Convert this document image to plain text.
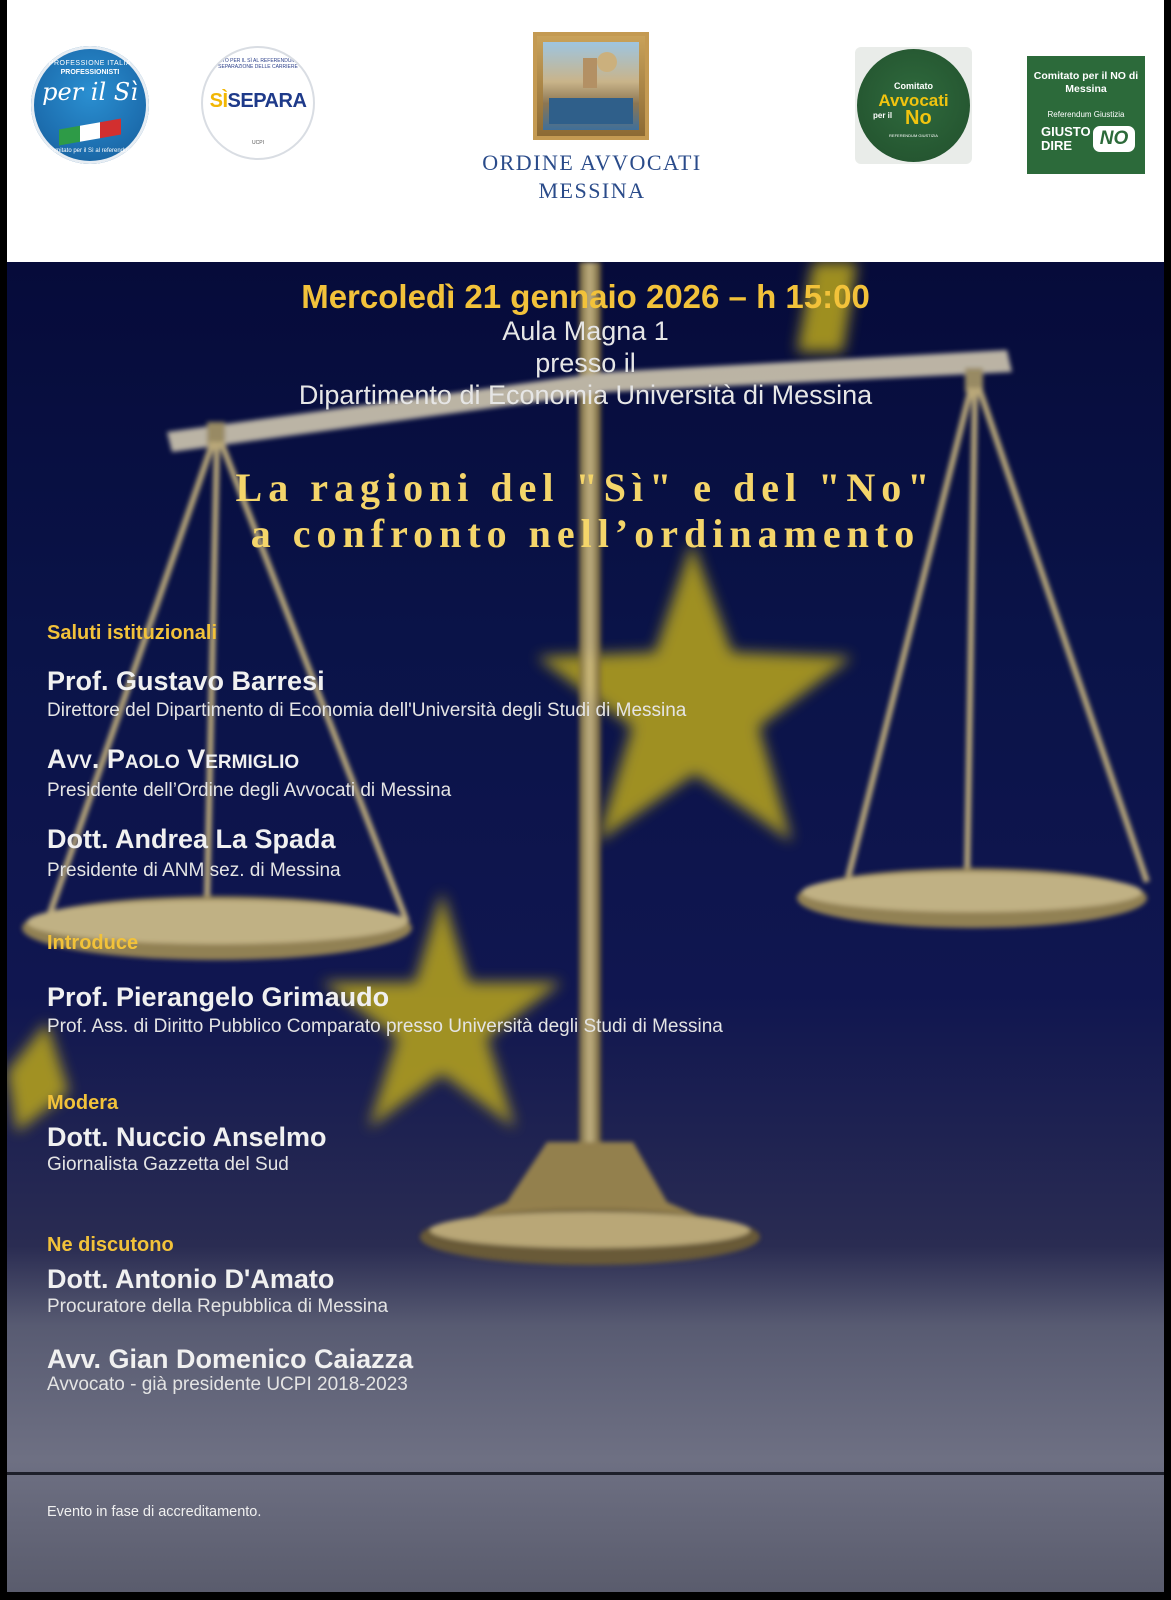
PROFESSIONE ITALIA
PROFESSIONISTI
per il Sì
Comitato per il Sì al referendum
COMITATO PER IL SÌ AL REFERENDUM SULLA SEPARAZIONE DELLE CARRIERE
SÌSEPARA
UCPI
ORDINE AVVOCATI
MESSINA
Comitato
Avvocati
per il No
REFERENDUM GIUSTIZIA
Comitato per il NO di Messina
Referendum Giustizia
GIUSTO
DIRE	NO
Mercoledì 21 gennaio 2026 – h 15:00
Aula Magna 1
presso il
Dipartimento di Economia Università di Messina
La ragioni del "Sì" e del "No"
a confronto nell’ordinamento
Saluti istituzionali
Prof. Gustavo Barresi
Direttore del Dipartimento di Economia dell'Università degli Studi di Messina
Avv. Paolo Vermiglio
Presidente dell’Ordine degli Avvocati di Messina
Dott. Andrea La Spada
Presidente di ANM sez. di Messina
Introduce
Prof. Pierangelo Grimaudo
Prof. Ass. di Diritto Pubblico Comparato presso Università degli Studi di Messina
Modera
Dott. Nuccio Anselmo
Giornalista Gazzetta del Sud
Ne discutono
Dott. Antonio D'Amato
Procuratore della Repubblica di Messina
Avv. Gian Domenico Caiazza
Avvocato - già presidente UCPI 2018-2023
Evento in fase di accreditamento.
